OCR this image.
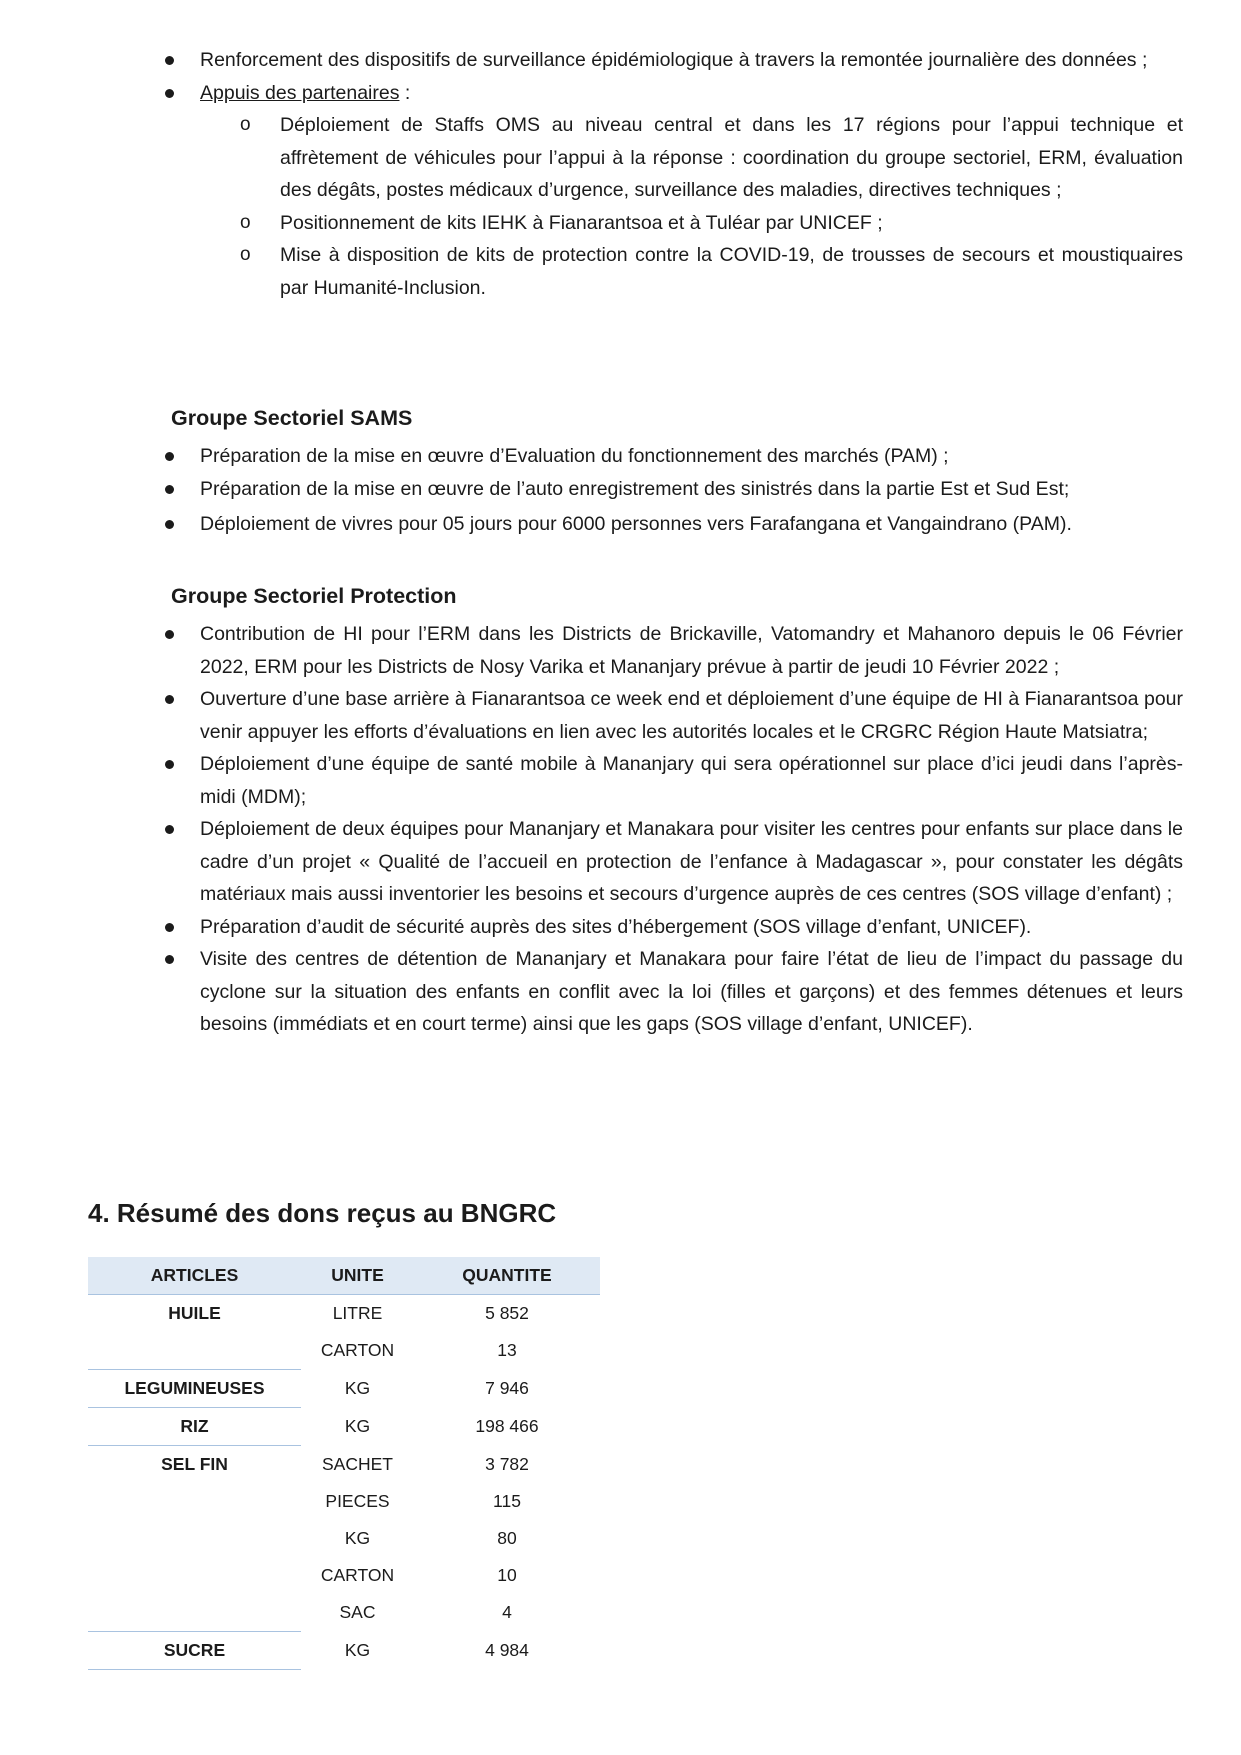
Renforcement des dispositifs de surveillance épidémiologique à travers la remontée journalière des données ;
Appuis des partenaires :
o Déploiement de Staffs OMS au niveau central et dans les 17 régions pour l’appui technique et affrètement de véhicules pour l’appui à la réponse : coordination du groupe sectoriel, ERM, évaluation des dégâts, postes médicaux d’urgence, surveillance des maladies, directives techniques ;
o Positionnement de kits IEHK à Fianarantsoa et à Tuléar par UNICEF ;
o Mise à disposition de kits de protection contre la COVID-19, de trousses de secours et moustiquaires par Humanité-Inclusion.
Groupe Sectoriel SAMS
Préparation de la mise en œuvre d’Evaluation du fonctionnement des marchés (PAM) ;
Préparation de la mise en œuvre de l’auto enregistrement des sinistrés dans la partie Est et Sud Est;
Déploiement de vivres pour 05 jours pour 6000 personnes vers Farafangana et Vangaindrano (PAM).
Groupe Sectoriel Protection
Contribution de HI pour l’ERM dans les Districts de Brickaville, Vatomandry et Mahanoro depuis le 06 Février 2022, ERM pour les Districts de Nosy Varika et Mananjary prévue à partir de jeudi 10 Février 2022 ;
Ouverture d’une base arrière à Fianarantsoa ce week end et déploiement d’une équipe de HI à Fianarantsoa pour venir appuyer les efforts d’évaluations en lien avec les autorités locales et le CRGRC Région Haute Matsiatra;
Déploiement d’une équipe de santé mobile à Mananjary qui sera opérationnel sur place d’ici jeudi dans l’après-midi (MDM);
Déploiement de deux équipes pour Mananjary et Manakara pour visiter les centres pour enfants sur place dans le cadre d’un projet « Qualité de l’accueil en protection de l’enfance à Madagascar », pour constater les dégâts matériaux mais aussi inventorier les besoins et secours d’urgence auprès de ces centres (SOS village d’enfant) ;
Préparation d’audit de sécurité auprès des sites d’hébergement (SOS village d’enfant, UNICEF).
Visite des centres de détention de Mananjary et Manakara pour faire l’état de lieu de l’impact du passage du cyclone sur la situation des enfants en conflit avec la loi (filles et garçons) et des femmes détenues et leurs besoins (immédiats et en court terme) ainsi que les gaps (SOS village d’enfant, UNICEF).
4. Résumé des dons reçus au BNGRC
ARTICLES	UNITE	QUANTITE
HUILE	LITRE	5 852
	CARTON	13
LEGUMINEUSES	KG	7 946
RIZ	KG	198 466
SEL FIN	SACHET	3 782
	PIECES	115
	KG	80
	CARTON	10
	SAC	4
SUCRE	KG	4 984
